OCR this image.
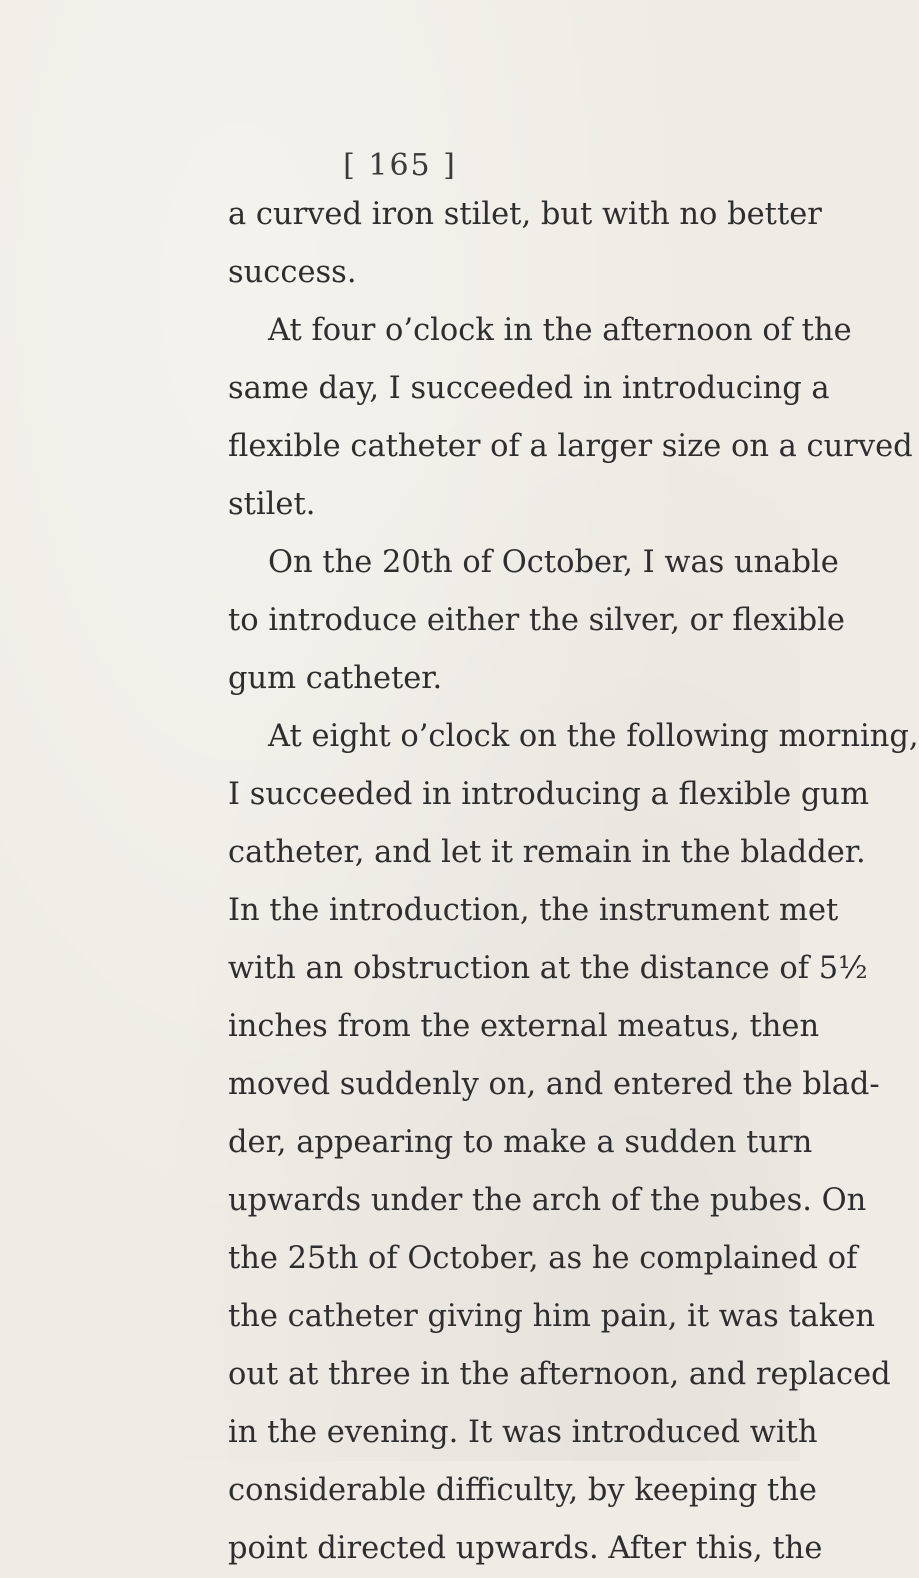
[ 165 ]
a curved iron stilet, but with no better
success.
At four o’clock in the afternoon of the
same day, I succeeded in introducing a
flexible catheter of a larger size on a curved
stilet.
On the 20th of October, I was unable
to introduce either the silver, or flexible
gum catheter.
At eight o’clock on the following morning,
I succeeded in introducing a flexible gum
catheter, and let it remain in the bladder.
In the introduction, the instrument met
with an obstruction at the distance of 5½
inches from the external meatus, then
moved suddenly on, and entered the blad-
der, appearing to make a sudden turn
upwards under the arch of the pubes. On
the 25th of October, as he complained of
the catheter giving him pain, it was taken
out at three in the afternoon, and replaced
in the evening. It was introduced with
considerable difficulty, by keeping the
point directed upwards. After this, the
